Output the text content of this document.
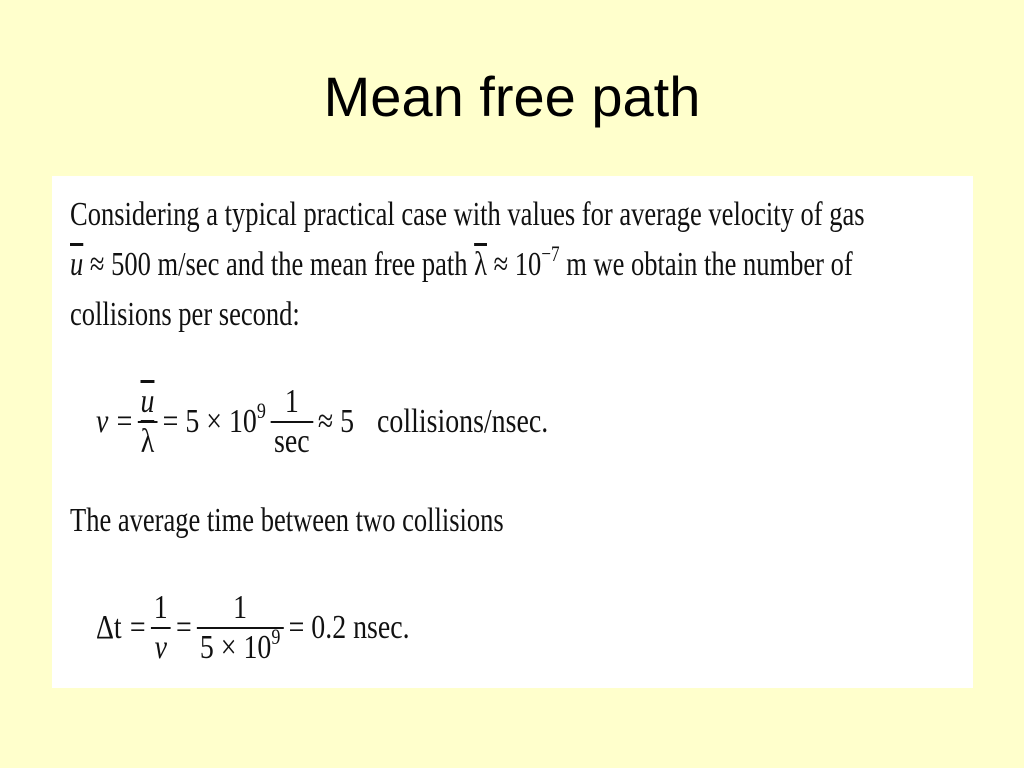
Mean free path
Considering a typical practical case with values for average velocity of gas
$\overline{u} \approx 500$ m/sec and the mean free path $\overline{\lambda} \approx 10^{-7}$ m we obtain the number of
collisions per second:
$\nu = \frac{\overline{u}}{\lambda} = 5 \times 10^9 \frac{1}{\sec} \approx 5$ collisions/nsec.
The average time between two collisions
$\Delta t = \frac{1}{\nu} = \frac{1}{5 \times 10^9} = 0.2$ nsec.
